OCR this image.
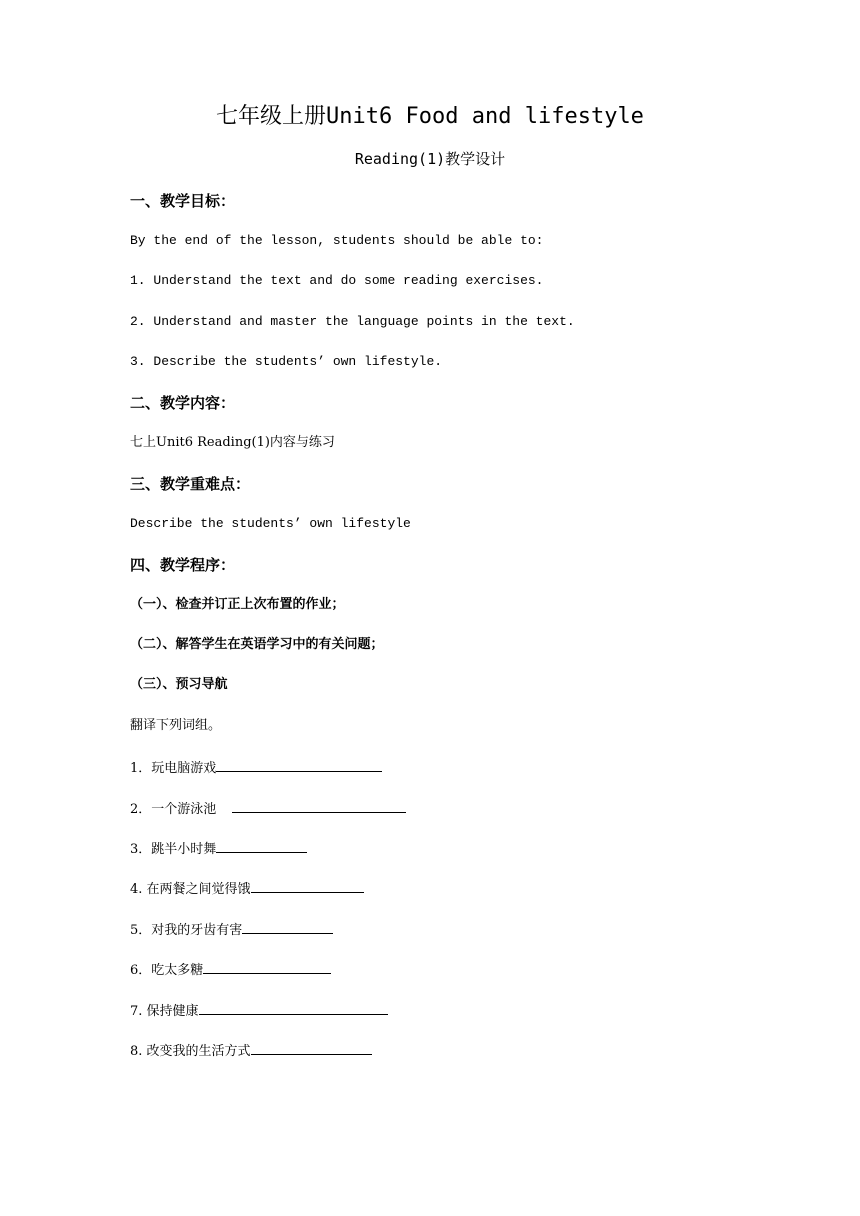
七年级上册Unit6 Food and lifestyle
Reading(1)教学设计
一、教学目标：
By the end of the lesson, students should be able to:
1. Understand the text and do some reading exercises.
2. Understand and master the language points in the text.
3. Describe the students’ own lifestyle.
二、教学内容：
七上Unit6 Reading(1)内容与练习
三、教学重难点：
Describe the students’ own lifestyle
四、教学程序：
（一）、检查并订正上次布置的作业；
（二）、解答学生在英语学习中的有关问题；
（三）、预习导航
翻译下列词组。
1．玩电脑游戏
2．一个游泳池
3．跳半小时舞
4. 在两餐之间觉得饿
5．对我的牙齿有害
6．吃太多糖
7. 保持健康
8. 改变我的生活方式
